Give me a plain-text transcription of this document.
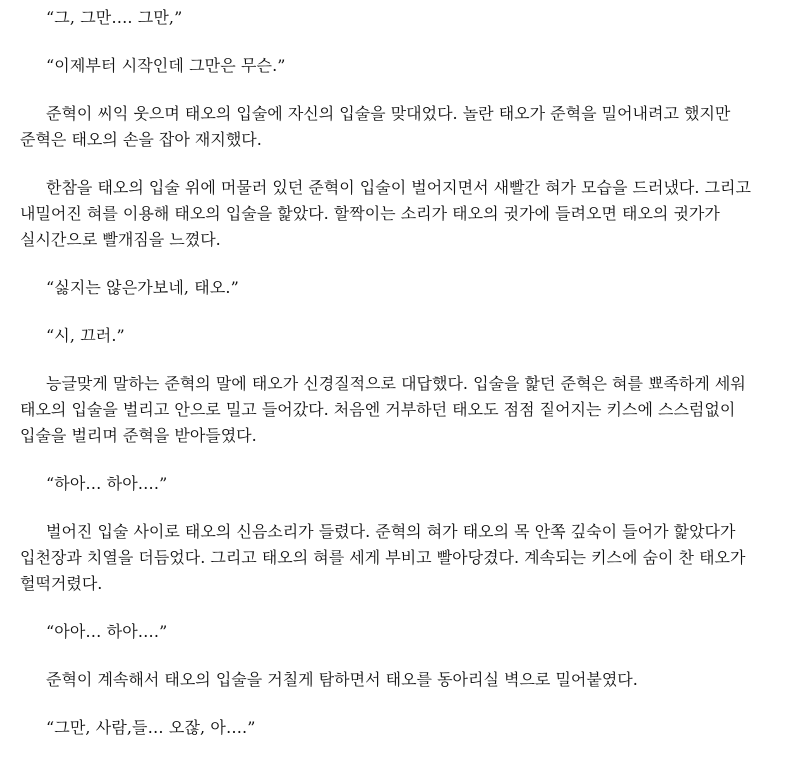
“그, 그만…. 그만,”

“이제부터 시작인데 그만은 무슨.”

준혁이 씨익 웃으며 태오의 입술에 자신의 입술을 맞대었다. 놀란 태오가 준혁을 밀어내려고 했지만 준혁은 태오의 손을 잡아 재지했다.

한참을 태오의 입술 위에 머물러 있던 준혁이 입술이 벌어지면서 새빨간 혀가 모습을 드러냈다. 그리고 내밀어진 혀를 이용해 태오의 입술을 핥았다. 할짝이는 소리가 태오의 귓가에 들려오면 태오의 귓가가 실시간으로 빨개짐을 느꼈다.

“싫지는 않은가보네, 태오.”

“시, 끄러.”

능글맞게 말하는 준혁의 말에 태오가 신경질적으로 대답했다. 입술을 핥던 준혁은 혀를 뾰족하게 세워 태오의 입술을 벌리고 안으로 밀고 들어갔다. 처음엔 거부하던 태오도 점점 짙어지는 키스에 스스럼없이 입술을 벌리며 준혁을 받아들였다.

“하아… 하아….”

벌어진 입술 사이로 태오의 신음소리가 들렸다. 준혁의 혀가 태오의 목 안쪽 깊숙이 들어가 핥았다가 입천장과 치열을 더듬었다. 그리고 태오의 혀를 세게 부비고 빨아당겼다. 계속되는 키스에 숨이 찬 태오가 헐떡거렸다.

“아아… 하아….”

준혁이 계속해서 태오의 입술을 거칠게 탐하면서 태오를 동아리실 벽으로 밀어붙였다.

“그만, 사람,들… 오잖, 아….”
